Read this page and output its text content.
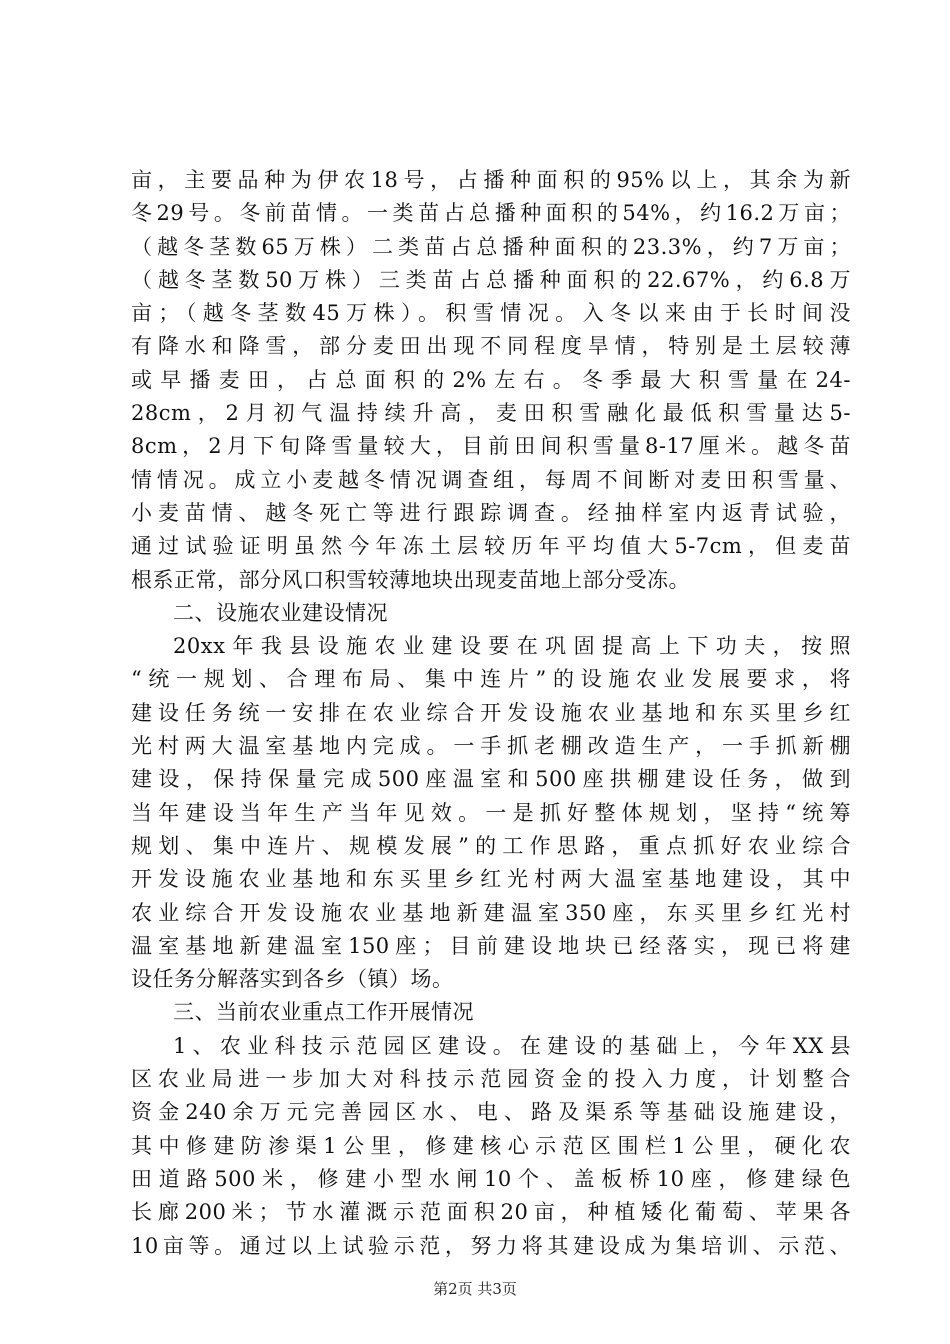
亩，主要品种为伊农18号，占播种面积的95%以上，其余为新
冬29号。冬前苗情。一类苗占总播种面积的54%，约16.2万亩；
（越冬茎数65万株）二类苗占总播种面积的23.3%，约7万亩；
（越冬茎数50万株）三类苗占总播种面积的22.67%，约6.8万
亩；（越冬茎数45万株）。积雪情况。入冬以来由于长时间没
有降水和降雪，部分麦田出现不同程度旱情，特别是土层较薄
或早播麦田，占总面积的2%左右。冬季最大积雪量在24-
28cm，2月初气温持续升高，麦田积雪融化最低积雪量达5-
8cm，2月下旬降雪量较大，目前田间积雪量8-17厘米。越冬苗
情情况。成立小麦越冬情况调查组，每周不间断对麦田积雪量、
小麦苗情、越冬死亡等进行跟踪调查。经抽样室内返青试验，
通过试验证明虽然今年冻土层较历年平均值大5-7cm，但麦苗
根系正常，部分风口积雪较薄地块出现麦苗地上部分受冻。
二、设施农业建设情况
20xx年我县设施农业建设要在巩固提高上下功夫，按照
“统一规划、合理布局、集中连片”的设施农业发展要求，将
建设任务统一安排在农业综合开发设施农业基地和东买里乡红
光村两大温室基地内完成。一手抓老棚改造生产，一手抓新棚
建设，保持保量完成500座温室和500座拱棚建设任务，做到
当年建设当年生产当年见效。一是抓好整体规划，坚持“统筹
规划、集中连片、规模发展”的工作思路，重点抓好农业综合
开发设施农业基地和东买里乡红光村两大温室基地建设，其中
农业综合开发设施农业基地新建温室350座，东买里乡红光村
温室基地新建温室150座；目前建设地块已经落实，现已将建
设任务分解落实到各乡（镇）场。
三、当前农业重点工作开展情况
1、农业科技示范园区建设。在建设的基础上，今年XX县
区农业局进一步加大对科技示范园资金的投入力度，计划整合
资金240余万元完善园区水、电、路及渠系等基础设施建设，
其中修建防渗渠1公里，修建核心示范区围栏1公里，硬化农
田道路500米，修建小型水闸10个、盖板桥10座，修建绿色
长廊200米；节水灌溉示范面积20亩，种植矮化葡萄、苹果各
10亩等。通过以上试验示范，努力将其建设成为集培训、示范、
第2页 共3页
